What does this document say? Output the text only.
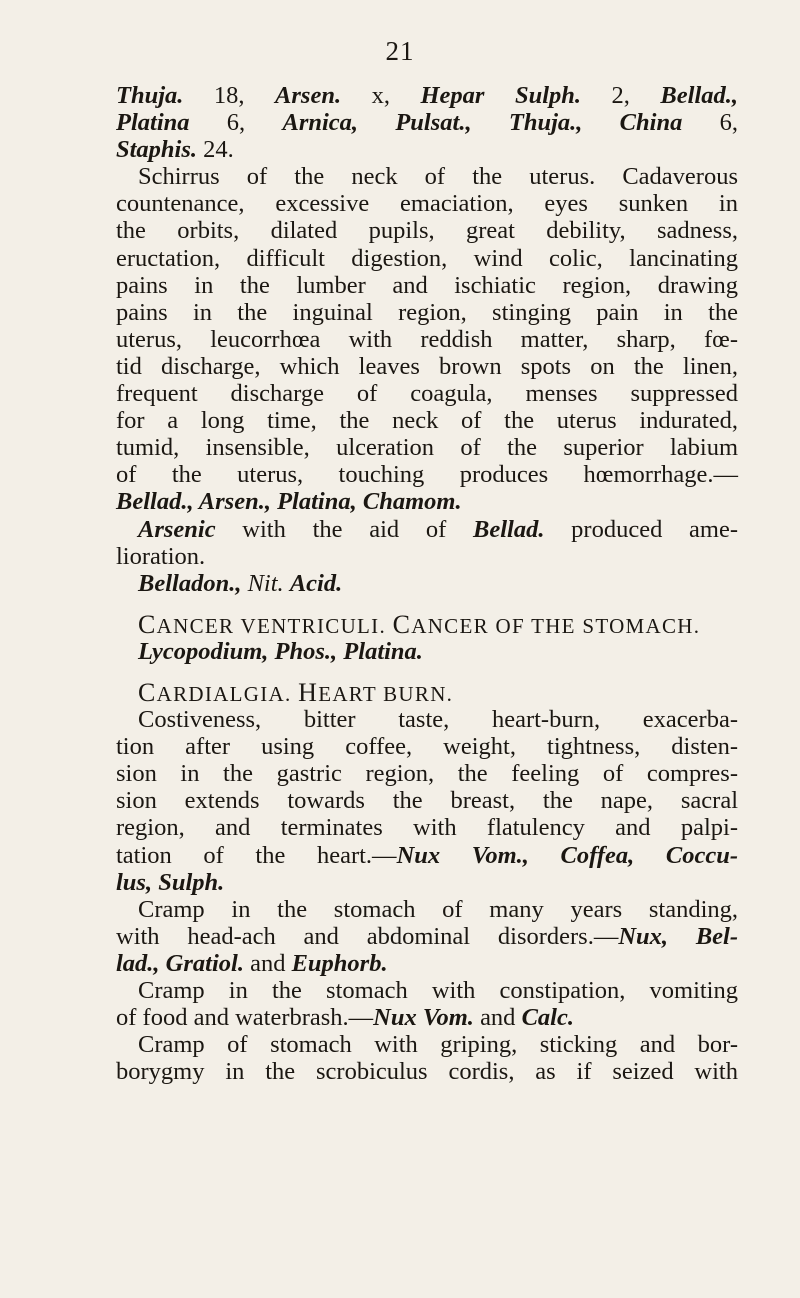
21
Thuja. 18, Arsen. x, Hepar Sulph. 2, Bellad.,
Platina 6, Arnica, Pulsat., Thuja., China 6,
Staphis. 24.
Schirrus of the neck of the uterus. Cadaverous
countenance, excessive emaciation, eyes sunken in
the orbits, dilated pupils, great debility, sadness,
eructation, difficult digestion, wind colic, lancinating
pains in the lumber and ischiatic region, drawing
pains in the inguinal region, stinging pain in the
uterus, leucorrhœa with reddish matter, sharp, fœ-
tid discharge, which leaves brown spots on the linen,
frequent discharge of coagula, menses suppressed
for a long time, the neck of the uterus indurated,
tumid, insensible, ulceration of the superior labium
of the uterus, touching produces hœmorrhage.—
Bellad., Arsen., Platina, Chamom.
Arsenic with the aid of Bellad. produced ame-
lioration.
Belladon., Nit. Acid.
CANCER VENTRICULI. CANCER OF THE STOMACH.
Lycopodium, Phos., Platina.
CARDIALGIA. HEART BURN.
Costiveness, bitter taste, heart-burn, exacerba-
tion after using coffee, weight, tightness, disten-
sion in the gastric region, the feeling of compres-
sion extends towards the breast, the nape, sacral
region, and terminates with flatulency and palpi-
tation of the heart.—Nux Vom., Coffea, Coccu-
lus, Sulph.
Cramp in the stomach of many years standing,
with head-ach and abdominal disorders.—Nux, Bel-
lad., Gratiol. and Euphorb.
Cramp in the stomach with constipation, vomiting
of food and waterbrash.—Nux Vom. and Calc.
Cramp of stomach with griping, sticking and bor-
borygmy in the scrobiculus cordis, as if seized with
